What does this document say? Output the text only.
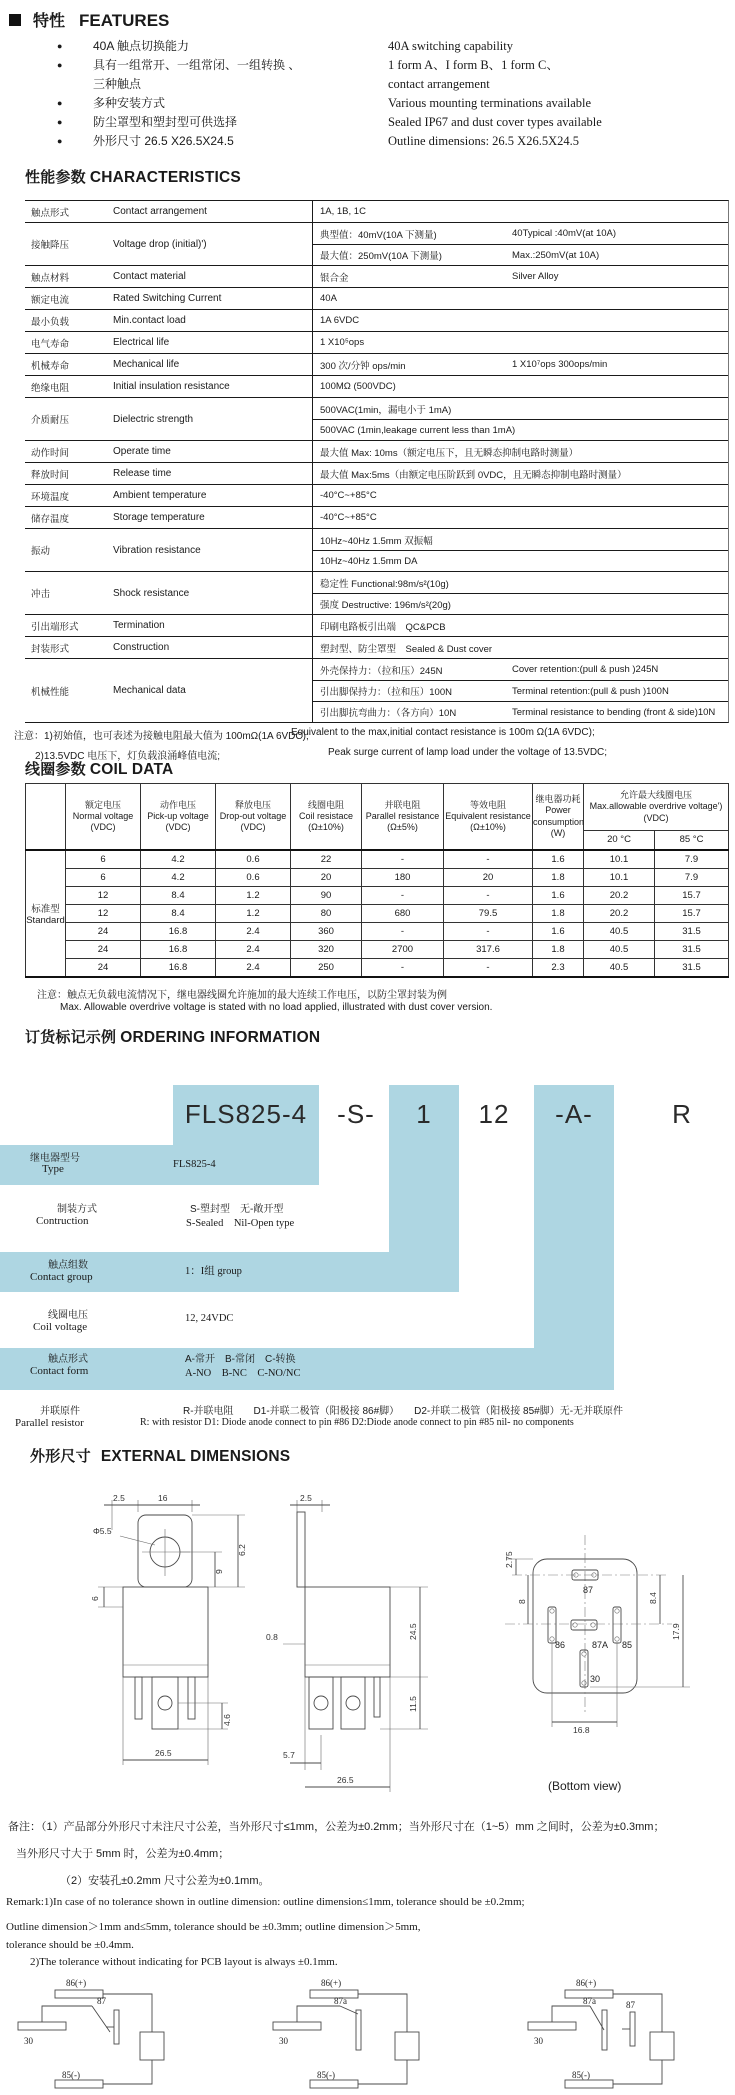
特性 FEATURES
●	40A 触点切换能力	40A switching capability
●	具有一组常开、一组常闭、一组转换 、	1 form A、I form B、1 form C、
三种触点	contact arrangement
●	多种安装方式	Various mounting terminations available
●	防尘罩型和塑封型可供选择	Sealed IP67 and dust cover types available
●	外形尺寸 26.5 X26.5X24.5	Outline dimensions: 26.5 X26.5X24.5
性能参数 CHARACTERISTICS
触点形式	Contact arrangement	1A, 1B, 1C
接触降压	Voltage drop (initial)')
典型值：40mV(10A 下测量)	40Typical :40mV(at 10A)
最大值：250mV(10A 下测量)	Max.:250mV(at 10A)
触点材料	Contact material	银合金	Silver Alloy
额定电流	Rated Switching Current	40A
最小负载	Min.contact load	1A 6VDC
电气寿命	Electrical life	1 X10⁵ops
机械寿命	Mechanical life	300 次/分钟 ops/min	1 X10⁷ops 300ops/min
绝缘电阻	Initial insulation resistance	100MΩ (500VDC)
介质耐压	Dielectric strength
500VAC(1min，漏电小于 1mA)
500VAC (1min,leakage current less than 1mA)
动作时间	Operate time	最大值 Max: 10ms（额定电压下，且无瞬态抑制电路时测量）
释放时间	Release time	最大值 Max:5ms（由额定电压阶跃到 0VDC，且无瞬态抑制电路时测量）
环境温度	Ambient temperature	-40°C~+85°C
储存温度	Storage temperature	-40°C~+85°C
振动	Vibration resistance
10Hz~40Hz 1.5mm 双振幅
10Hz~40Hz 1.5mm DA
冲击	Shock resistance
稳定性 Functional:98m/s²(10g)
强度 Destructive: 196m/s²(20g)
引出端形式	Termination	印刷电路板引出端　QC&PCB
封装形式	Construction	塑封型、防尘罩型　Sealed & Dust cover
机械性能	Mechanical data
外壳保持力：（拉和压）245N	Cover retention:(pull & push )245N
引出脚保持力：（拉和压）100N	Terminal retention:(pull & push )100N
引出脚抗弯曲力：（各方向）10N	Terminal resistance to bending (front & side)10N
注意：1)初始值，也可表述为接触电阻最大值为 100mΩ(1A 6VDC);
Equivalent to the max,initial contact resistance is 100m Ω(1A 6VDC);
2)13.5VDC 电压下，灯负载浪涌峰值电流;	Peak surge current of lamp load under the voltage of 13.5VDC;
线圈参数 COIL DATA

	额定电压
Normal voltage
(VDC)	动作电压
Pick-up voltage
(VDC)	释放电压
Drop-out voltage
(VDC)	线圈电阻
Coil resistace
(Ω±10%)	并联电阻
Parallel resistance
(Ω±5%)	等效电阻
Equivalent resistance
(Ω±10%)	继电器功耗
Power consumption
(W)	允许最大线圈电压
Max.allowable overdrive voltage') (VDC)	

								20 °C	85 °C

标准型
Standard	6	4.2	0.6	22	-	-	1.6	10.1	7.9
	6	4.2	0.6	20	180	20	1.8	10.1	7.9
	12	8.4	1.2	90	-	-	1.6	20.2	15.7
	12	8.4	1.2	80	680	79.5	1.8	20.2	15.7
	24	16.8	2.4	360	-	-	1.6	40.5	31.5
	24	16.8	2.4	320	2700	317.6	1.8	40.5	31.5
	24	16.8	2.4	250	-	-	2.3	40.5	31.5
注意：触点无负载电流情况下，继电器线圈允许施加的最大连续工作电压，以防尘罩封装为例
Max. Allowable overdrive voltage is stated with no load applied, illustrated with dust cover version.
订货标记示例 ORDERING INFORMATION
FLS825-4	-S-	1	12	-A-	R
继电器型号
Type	FLS825-4
制装方式
Contruction
S-塑封型　无-敞开型
S-Sealed　Nil-Open type
触点组数
Contact group	1：I组 group
线圈电压
Coil voltage
12, 24VDC
触点形式
Contact form
A-常开　B-常闭　C-转换
A-NO　B-NC　C-NO/NC
并联原件
Parallel resistor
R-并联电阻　　D1-并联二极管（阳极接 86#脚）　　D2-并联二极管（阳极接 85#脚）无-无并联原件
R: with resistor D1: Diode anode connect to pin #86 D2:Diode anode connect to pin #85 nil- no components
外形尺寸 EXTERNAL DIMENSIONS
2.5	16
Φ5.5
6.2
9
6
4.6
26.5
2.5
0.8
5.7
26.5
24.5
11.5
87
86	87A 85
30
2.75
8	8.4
17.9
16.8
(Bottom view)
备注：（1）产品部分外形尺寸未注尺寸公差，当外形尺寸≤1mm，公差为±0.2mm；当外形尺寸在（1~5）mm 之间时，公差为±0.3mm；
当外形尺寸大于 5mm 时，公差为±0.4mm；
（2）安装孔±0.2mm 尺寸公差为±0.1mm。
Remark:1)In case of no tolerance shown in outline dimension: outline dimension≤1mm, tolerance should be ±0.2mm;
Outline dimension＞1mm and≤5mm, tolerance should be ±0.3mm; outline dimension＞5mm,
tolerance should be ±0.4mm.
2)The tolerance without indicating for PCB layout is always ±0.1mm.
86(+)
85(-)
30
87
86(+)
85(-)
30
87a
86(+)
85(-)
30
87a	87
